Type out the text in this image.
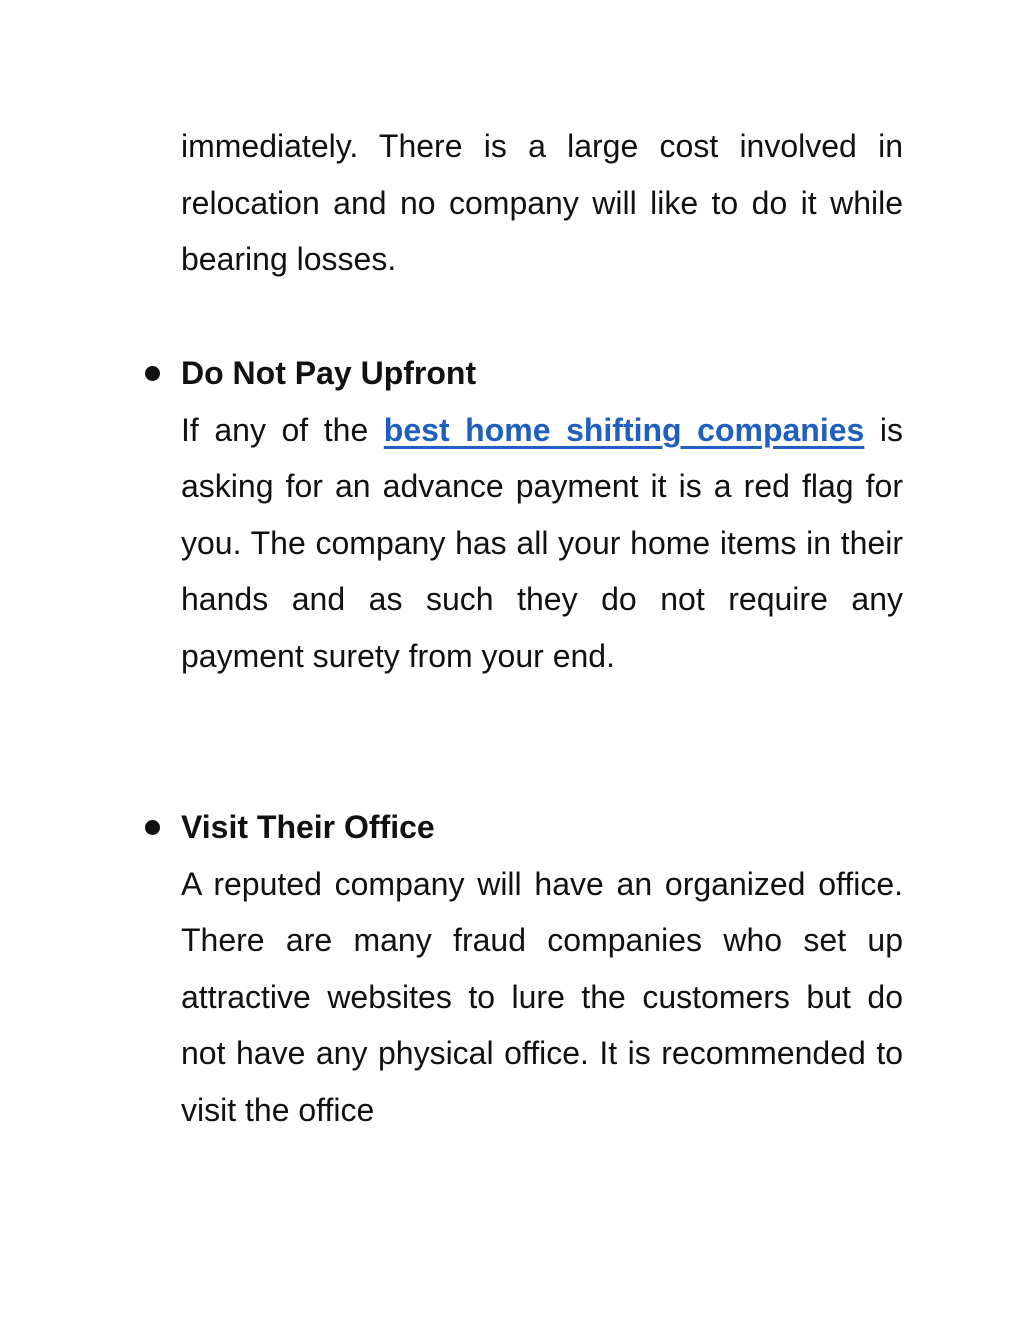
immediately. There is a large cost involved in relocation and no company will like to do it while bearing losses.

Do Not Pay Upfront

If any of the best home shifting companies is asking for an advance payment it is a red flag for you. The company has all your home items in their hands and as such they do not require any payment surety from your end.

Visit Their Office

A reputed company will have an organized office. There are many fraud companies who set up attractive websites to lure the customers but do not have any physical office. It is recommended to visit the office
